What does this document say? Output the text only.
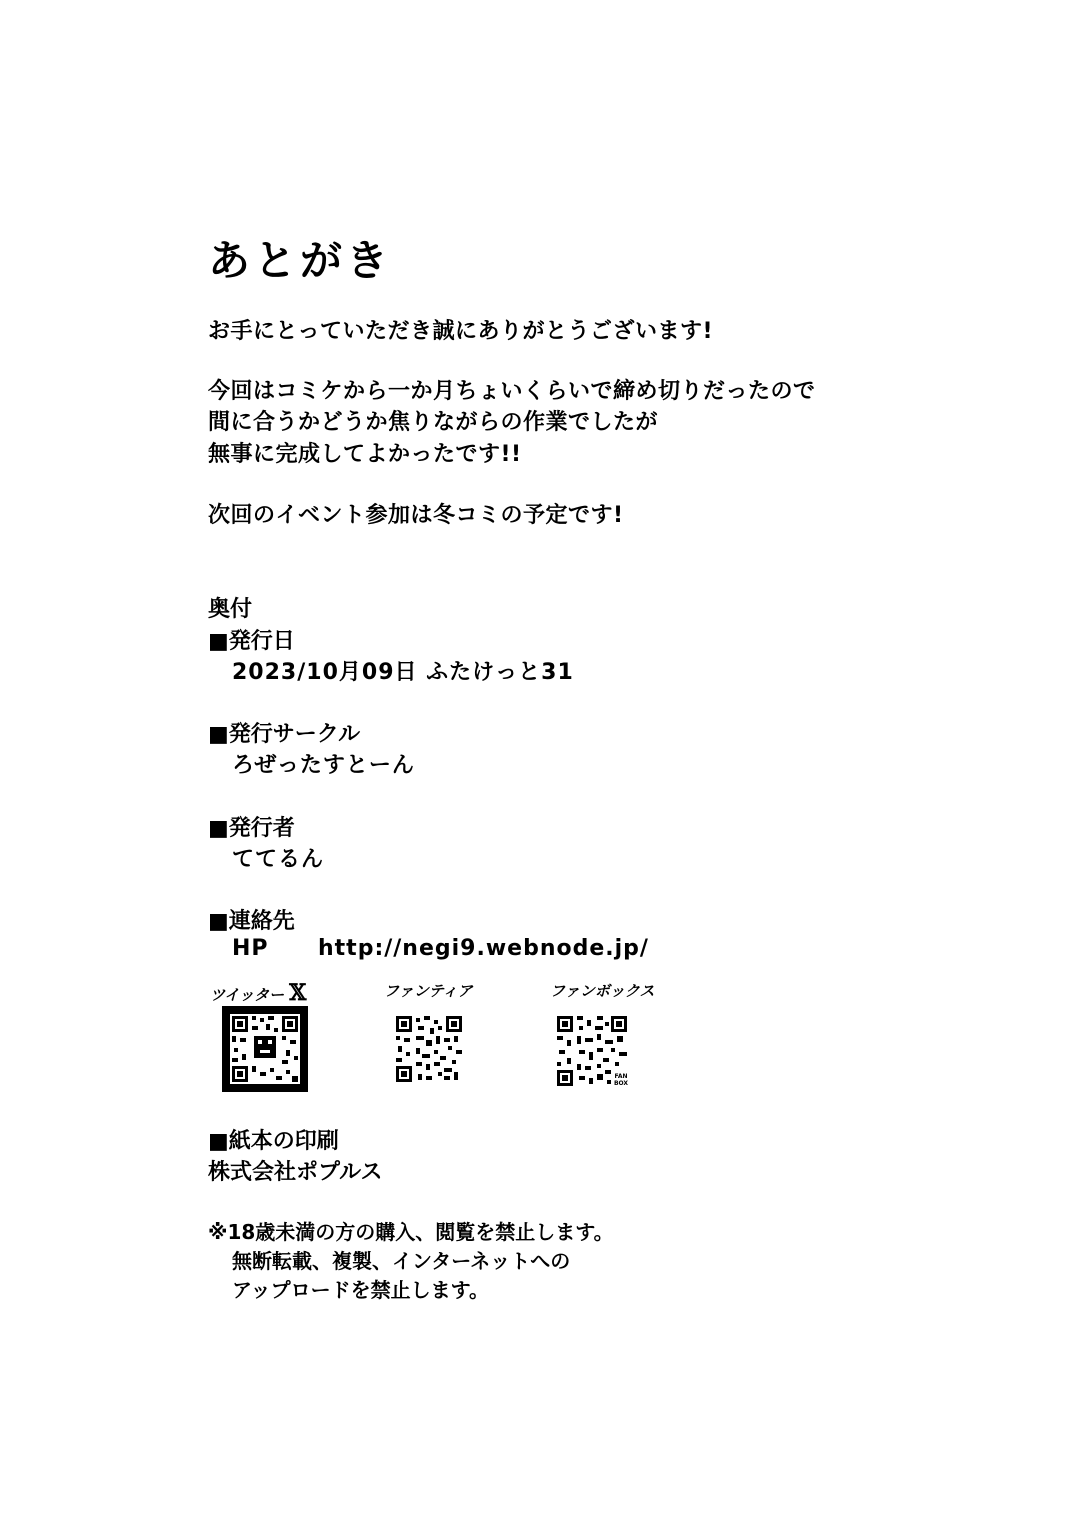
あとがき
お手にとっていただき誠にありがとうございます!
今回はコミケから一か月ちょいくらいで締め切りだったので
間に合うかどうか焦りながらの作業でしたが
無事に完成してよかったです!!
次回のイベント参加は冬コミの予定です!
奥付
■発行日
2023/10月09日 ふたけっと31
■発行サークル
ろぜったすとーん
■発行者
ててるん
■連絡先
HP http://negi9.webnode.jp/
ツイッター 𝕏	ファンティア	ファンボックス
FAN
BOX
■紙本の印刷
株式会社ポプルス
※18歳未満の方の購入、閲覧を禁止します。
無断転載、複製、インターネットへの
アップロードを禁止します。
